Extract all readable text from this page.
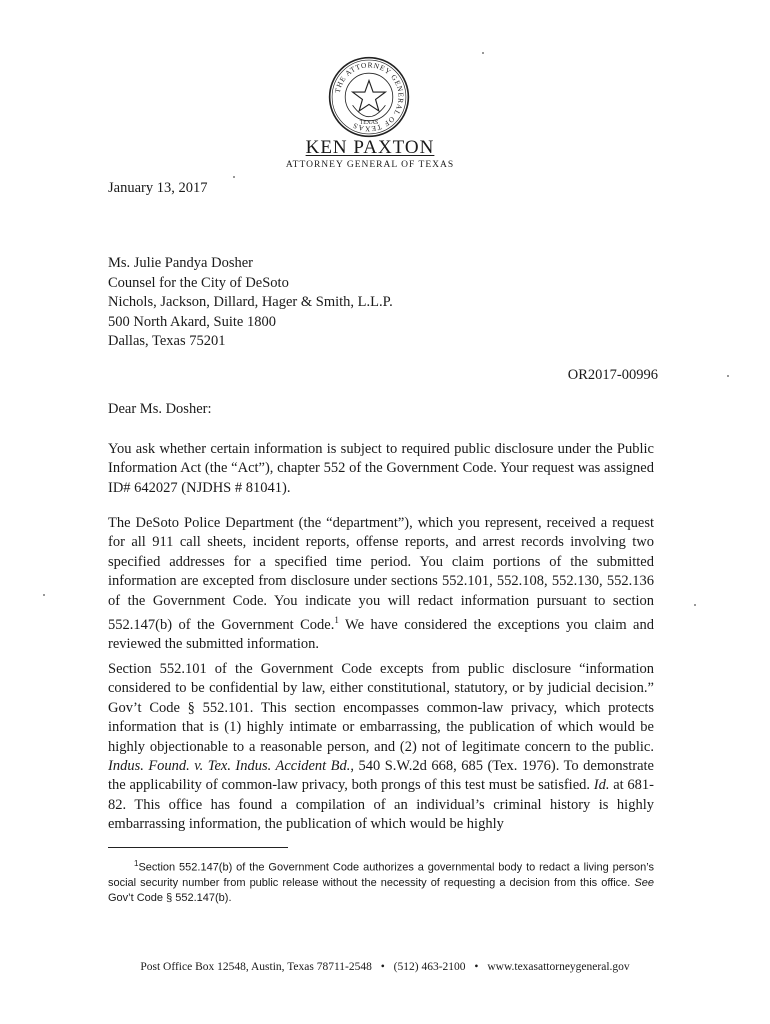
THE ATTORNEY GENERAL OF TEXAS TEXAS
KEN PAXTON
ATTORNEY GENERAL OF TEXAS
January 13, 2017
Ms. Julie Pandya Dosher
Counsel for the City of DeSoto
Nichols, Jackson, Dillard, Hager & Smith, L.L.P.
500 North Akard, Suite 1800
Dallas, Texas 75201
OR2017-00996
Dear Ms. Dosher:

You ask whether certain information is subject to required public disclosure under the Public Information Act (the “Act”), chapter 552 of the Government Code. Your request was assigned ID# 642027 (NJDHS # 81041).

The DeSoto Police Department (the “department”), which you represent, received a request for all 911 call sheets, incident reports, offense reports, and arrest records involving two specified addresses for a specified time period. You claim portions of the submitted information are excepted from disclosure under sections 552.101, 552.108, 552.130, 552.136 of the Government Code. You indicate you will redact information pursuant to section 552.147(b) of the Government Code.$^1$ We have considered the exceptions you claim and reviewed the submitted information.

Section 552.101 of the Government Code excepts from public disclosure “information considered to be confidential by law, either constitutional, statutory, or by judicial decision.” Gov’t Code § 552.101. This section encompasses common-law privacy, which protects information that is (1) highly intimate or embarrassing, the publication of which would be highly objectionable to a reasonable person, and (2) not of legitimate concern to the public. Indus. Found. v. Tex. Indus. Accident Bd., 540 S.W.2d 668, 685 (Tex. 1976). To demonstrate the applicability of common-law privacy, both prongs of this test must be satisfied. Id. at 681-82. This office has found a compilation of an individual’s criminal history is highly embarrassing information, the publication of which would be highly

$^1$Section 552.147(b) of the Government Code authorizes a governmental body to redact a living person’s social security number from public release without the necessity of requesting a decision from this office. See Gov’t Code § 552.147(b).

Post Office Box 12548, Austin, Texas 78711-2548 • (512) 463-2100 • www.texasattorneygeneral.gov
